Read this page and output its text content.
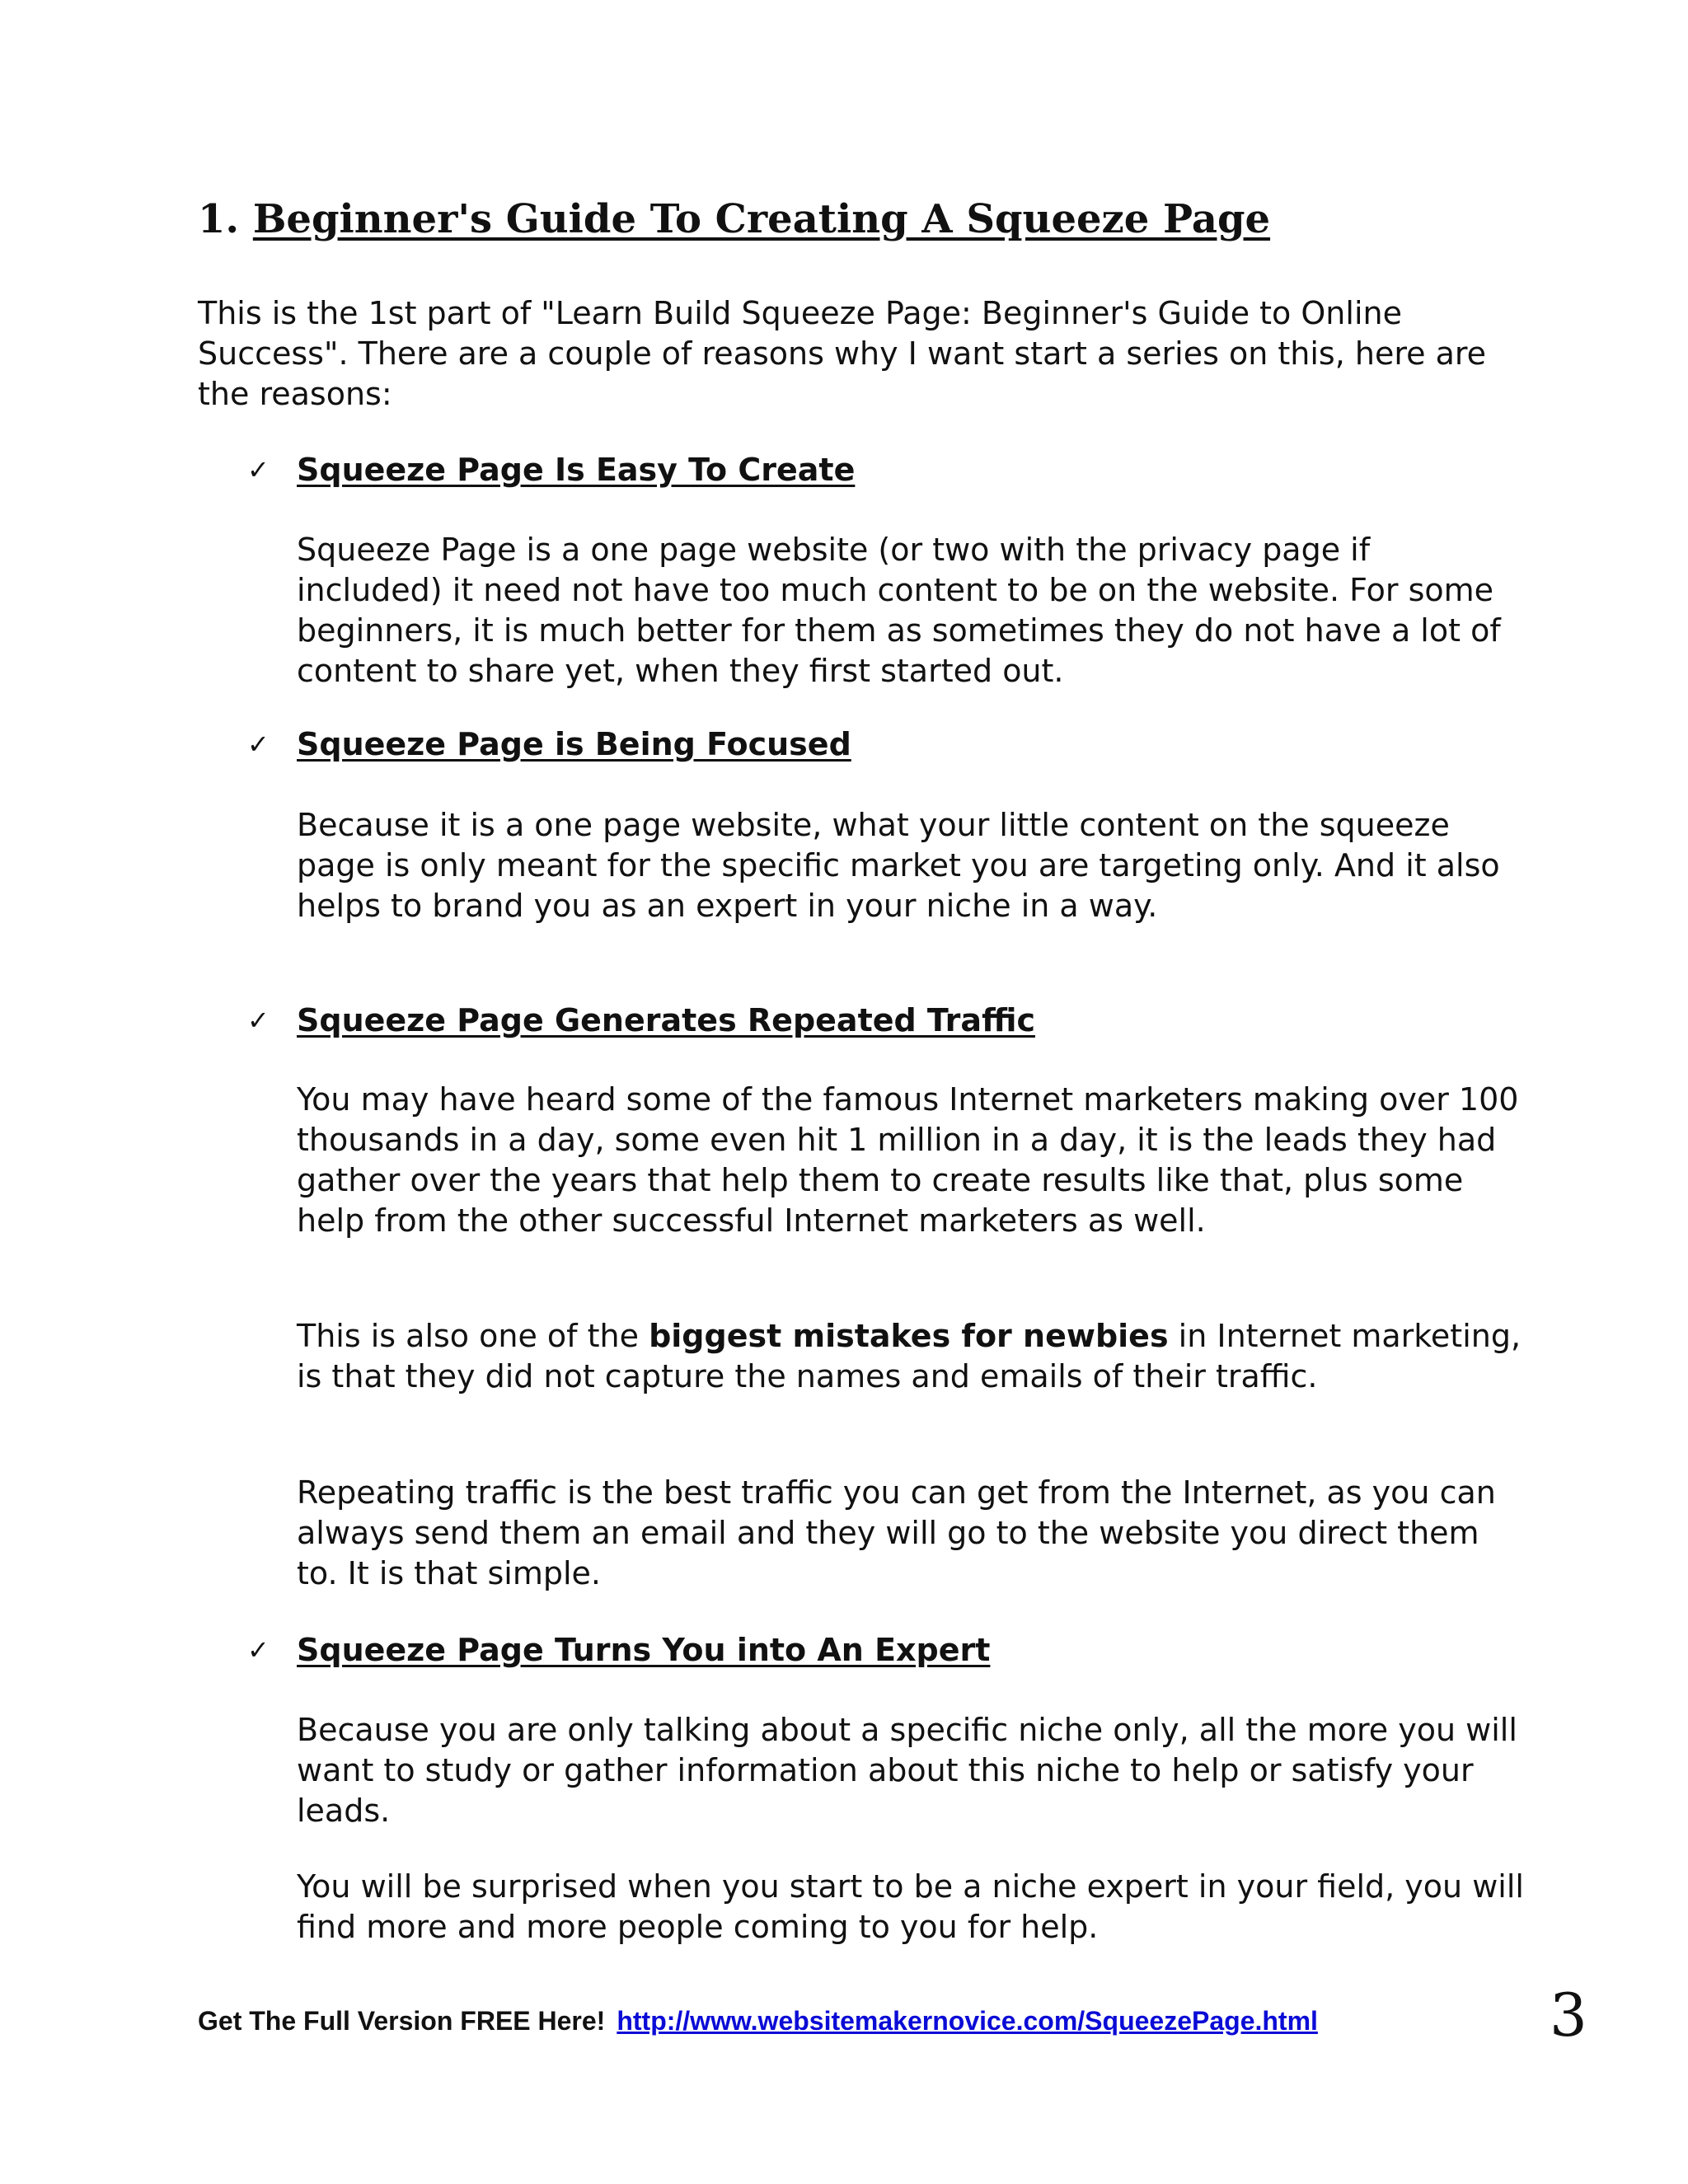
1. Beginner's Guide To Creating A Squeeze Page

This is the 1st part of "Learn Build Squeeze Page: Beginner's Guide to Online Success". There are a couple of reasons why I want start a series on this, here are the reasons:

✓ Squeeze Page Is Easy To Create

Squeeze Page is a one page website (or two with the privacy page if included) it need not have too much content to be on the website. For some beginners, it is much better for them as sometimes they do not have a lot of content to share yet, when they first started out.

✓ Squeeze Page is Being Focused

Because it is a one page website, what your little content on the squeeze page is only meant for the specific market you are targeting only. And it also helps to brand you as an expert in your niche in a way.

✓ Squeeze Page Generates Repeated Traffic

You may have heard some of the famous Internet marketers making over 100 thousands in a day, some even hit 1 million in a day, it is the leads they had gather over the years that help them to create results like that, plus some help from the other successful Internet marketers as well.

This is also one of the biggest mistakes for newbies in Internet marketing, is that they did not capture the names and emails of their traffic.

Repeating traffic is the best traffic you can get from the Internet, as you can always send them an email and they will go to the website you direct them to. It is that simple.

✓ Squeeze Page Turns You into An Expert

Because you are only talking about a specific niche only, all the more you will want to study or gather information about this niche to help or satisfy your leads.

You will be surprised when you start to be a niche expert in your field, you will find more and more people coming to you for help.

Get The Full Version FREE Here! http://www.websitemakernovice.com/SqueezePage.html	3
